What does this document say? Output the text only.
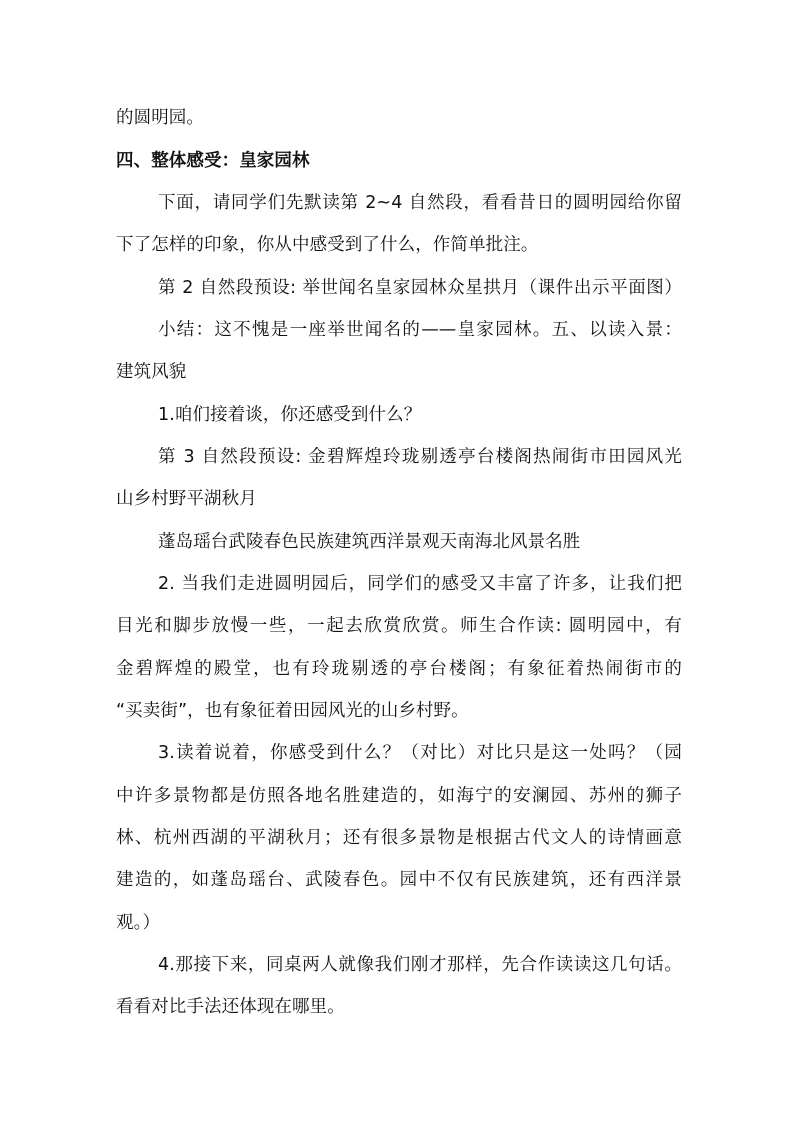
的圆明园。
四、整体感受：皇家园林
下面，请同学们先默读第 2~4 自然段，看看昔日的圆明园给你留
下了怎样的印象，你从中感受到了什么，作简单批注。
第 2 自然段预设: 举世闻名皇家园林众星拱月（课件出示平面图）
小结：这不愧是一座举世闻名的——皇家园林。五、以读入景：
建筑风貌
1.咱们接着谈，你还感受到什么？
第 3 自然段预设: 金碧辉煌玲珑剔透亭台楼阁热闹街市田园风光
山乡村野平湖秋月
蓬岛瑶台武陵春色民族建筑西洋景观天南海北风景名胜
2. 当我们走进圆明园后，同学们的感受又丰富了许多，让我们把
目光和脚步放慢一些，一起去欣赏欣赏。师生合作读: 圆明园中，有
金碧辉煌的殿堂，也有玲珑剔透的亭台楼阁；有象征着热闹街市的
“买卖街”，也有象征着田园风光的山乡村野。
3.读着说着，你感受到什么？（对比）对比只是这一处吗？（园
中许多景物都是仿照各地名胜建造的，如海宁的安澜园、苏州的狮子
林、杭州西湖的平湖秋月；还有很多景物是根据古代文人的诗情画意
建造的，如蓬岛瑶台、武陵春色。园中不仅有民族建筑，还有西洋景
观。）
4.那接下来，同桌两人就像我们刚才那样，先合作读读这几句话。
看看对比手法还体现在哪里。
